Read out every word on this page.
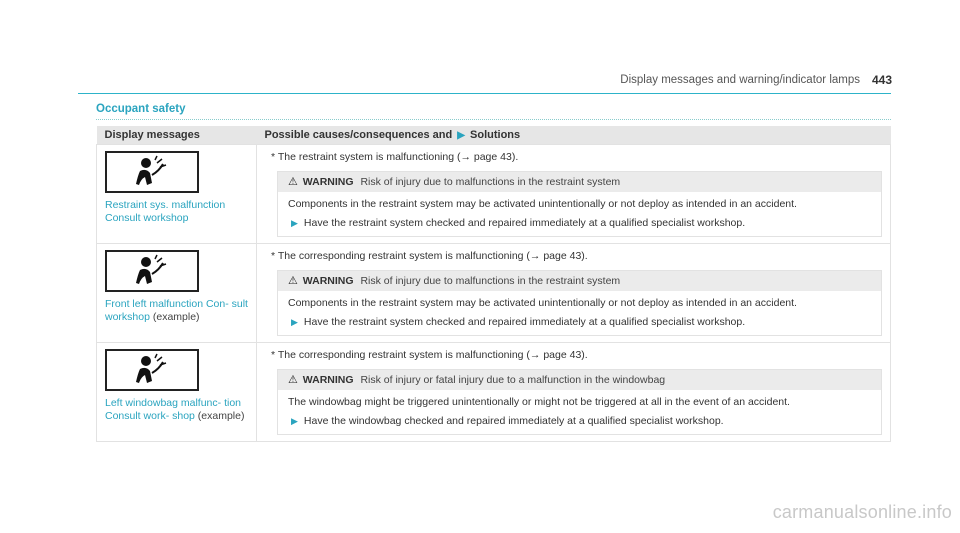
Display messages and warning/indicator lamps 443
Occupant safety
Display messages	Possible causes/consequences and ▶ Solutions

Restraint sys. malfunction Consult workshop	* The restraint system is malfunctioning (→ page 43).
⚠ WARNING Risk of injury due to malfunctions in the restraint system
Components in the restraint system may be activated unintentionally or not deploy as intended in an accident.
▶ Have the restraint system checked and repaired immediately at a qualified specialist workshop.

Front left malfunction Con- sult workshop (example)	* The corresponding restraint system is malfunctioning (→ page 43).
⚠ WARNING Risk of injury due to malfunctions in the restraint system
Components in the restraint system may be activated unintentionally or not deploy as intended in an accident.
▶ Have the restraint system checked and repaired immediately at a qualified specialist workshop.

Left windowbag malfunc- tion Consult work- shop (example)	* The corresponding restraint system is malfunctioning (→ page 43).
⚠ WARNING Risk of injury or fatal injury due to a malfunction in the windowbag
The windowbag might be triggered unintentionally or might not be triggered at all in the event of an accident.
▶ Have the windowbag checked and repaired immediately at a qualified specialist workshop.
carmanualsonline.info
